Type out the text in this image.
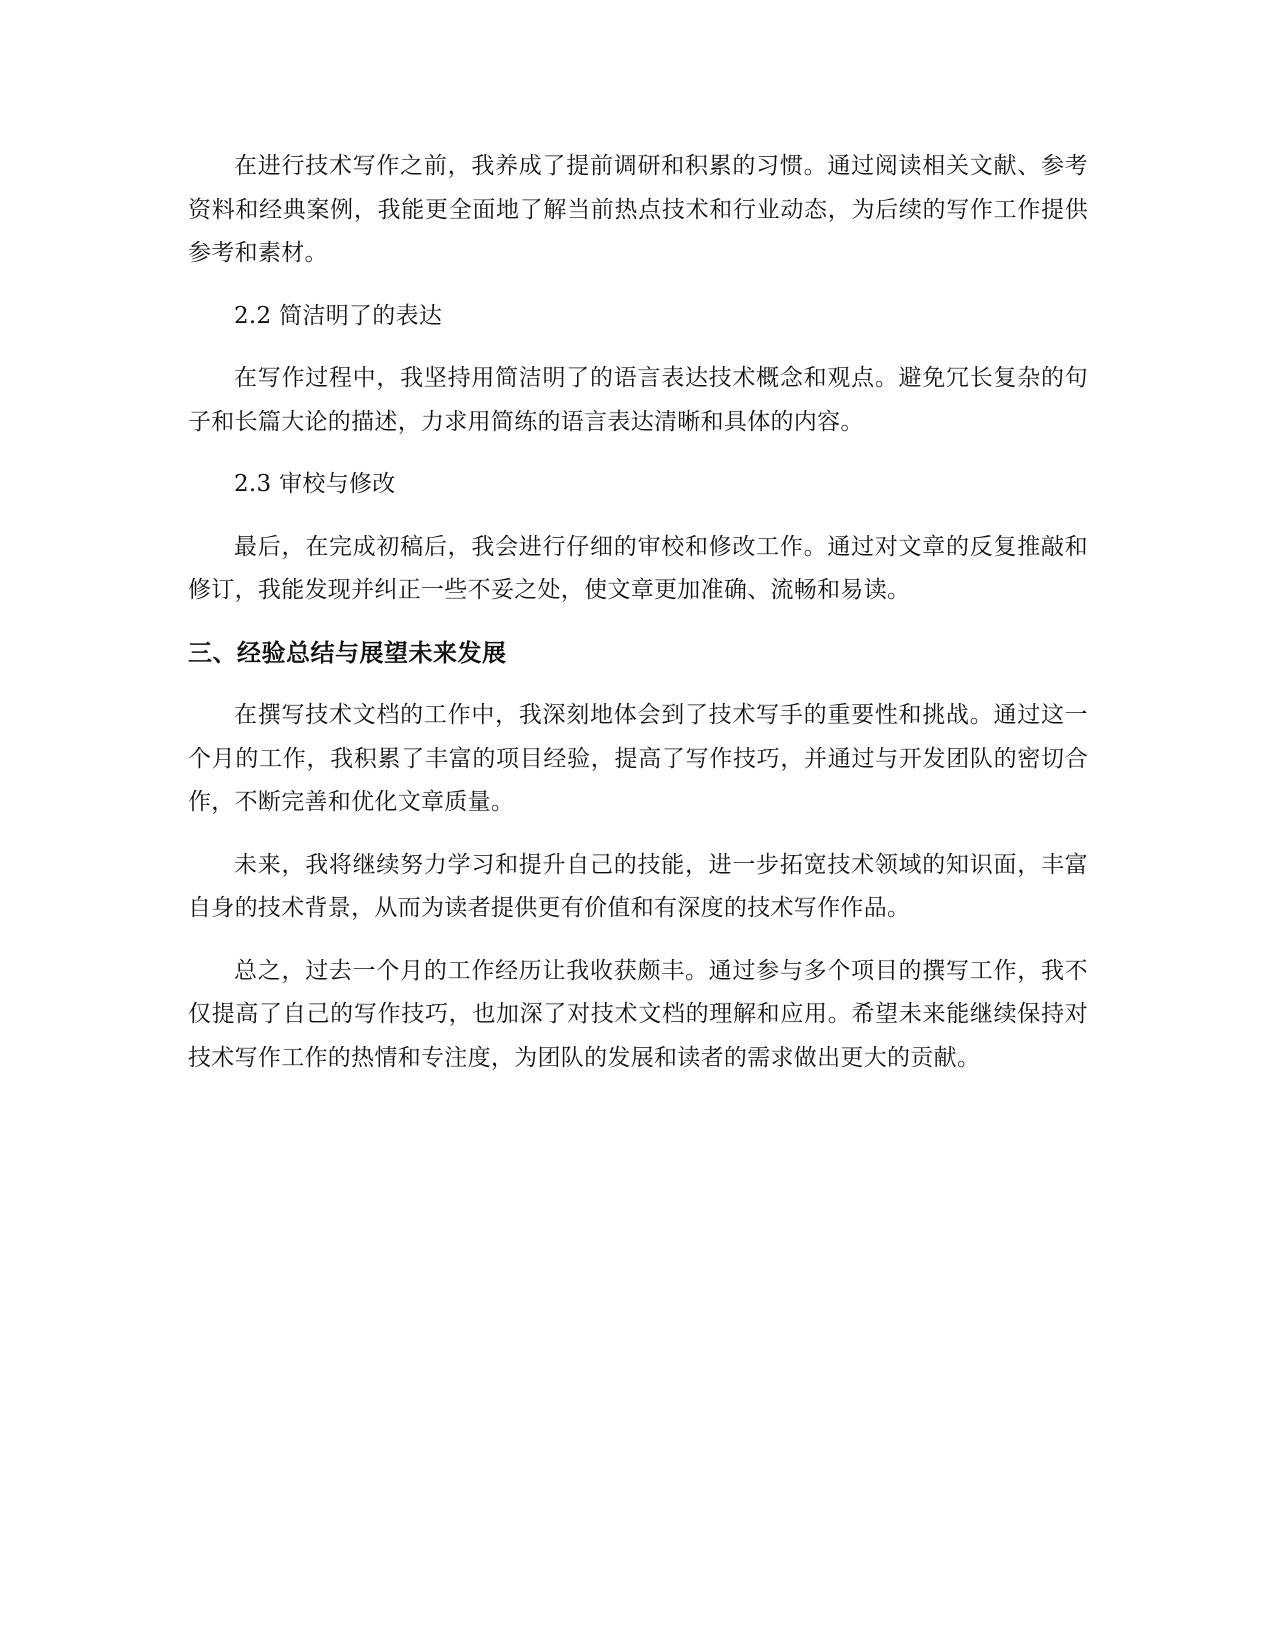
在进行技术写作之前，我养成了提前调研和积累的习惯。通过阅读相关文献、参考资料和经典案例，我能更全面地了解当前热点技术和行业动态，为后续的写作工作提供参考和素材。

2.2 简洁明了的表达

在写作过程中，我坚持用简洁明了的语言表达技术概念和观点。避免冗长复杂的句子和长篇大论的描述，力求用简练的语言表达清晰和具体的内容。

2.3 审校与修改

最后，在完成初稿后，我会进行仔细的审校和修改工作。通过对文章的反复推敲和修订，我能发现并纠正一些不妥之处，使文章更加准确、流畅和易读。

三、经验总结与展望未来发展

在撰写技术文档的工作中，我深刻地体会到了技术写手的重要性和挑战。通过这一个月的工作，我积累了丰富的项目经验，提高了写作技巧，并通过与开发团队的密切合作，不断完善和优化文章质量。

未来，我将继续努力学习和提升自己的技能，进一步拓宽技术领域的知识面，丰富自身的技术背景，从而为读者提供更有价值和有深度的技术写作作品。

总之，过去一个月的工作经历让我收获颇丰。通过参与多个项目的撰写工作，我不仅提高了自己的写作技巧，也加深了对技术文档的理解和应用。希望未来能继续保持对技术写作工作的热情和专注度，为团队的发展和读者的需求做出更大的贡献。
